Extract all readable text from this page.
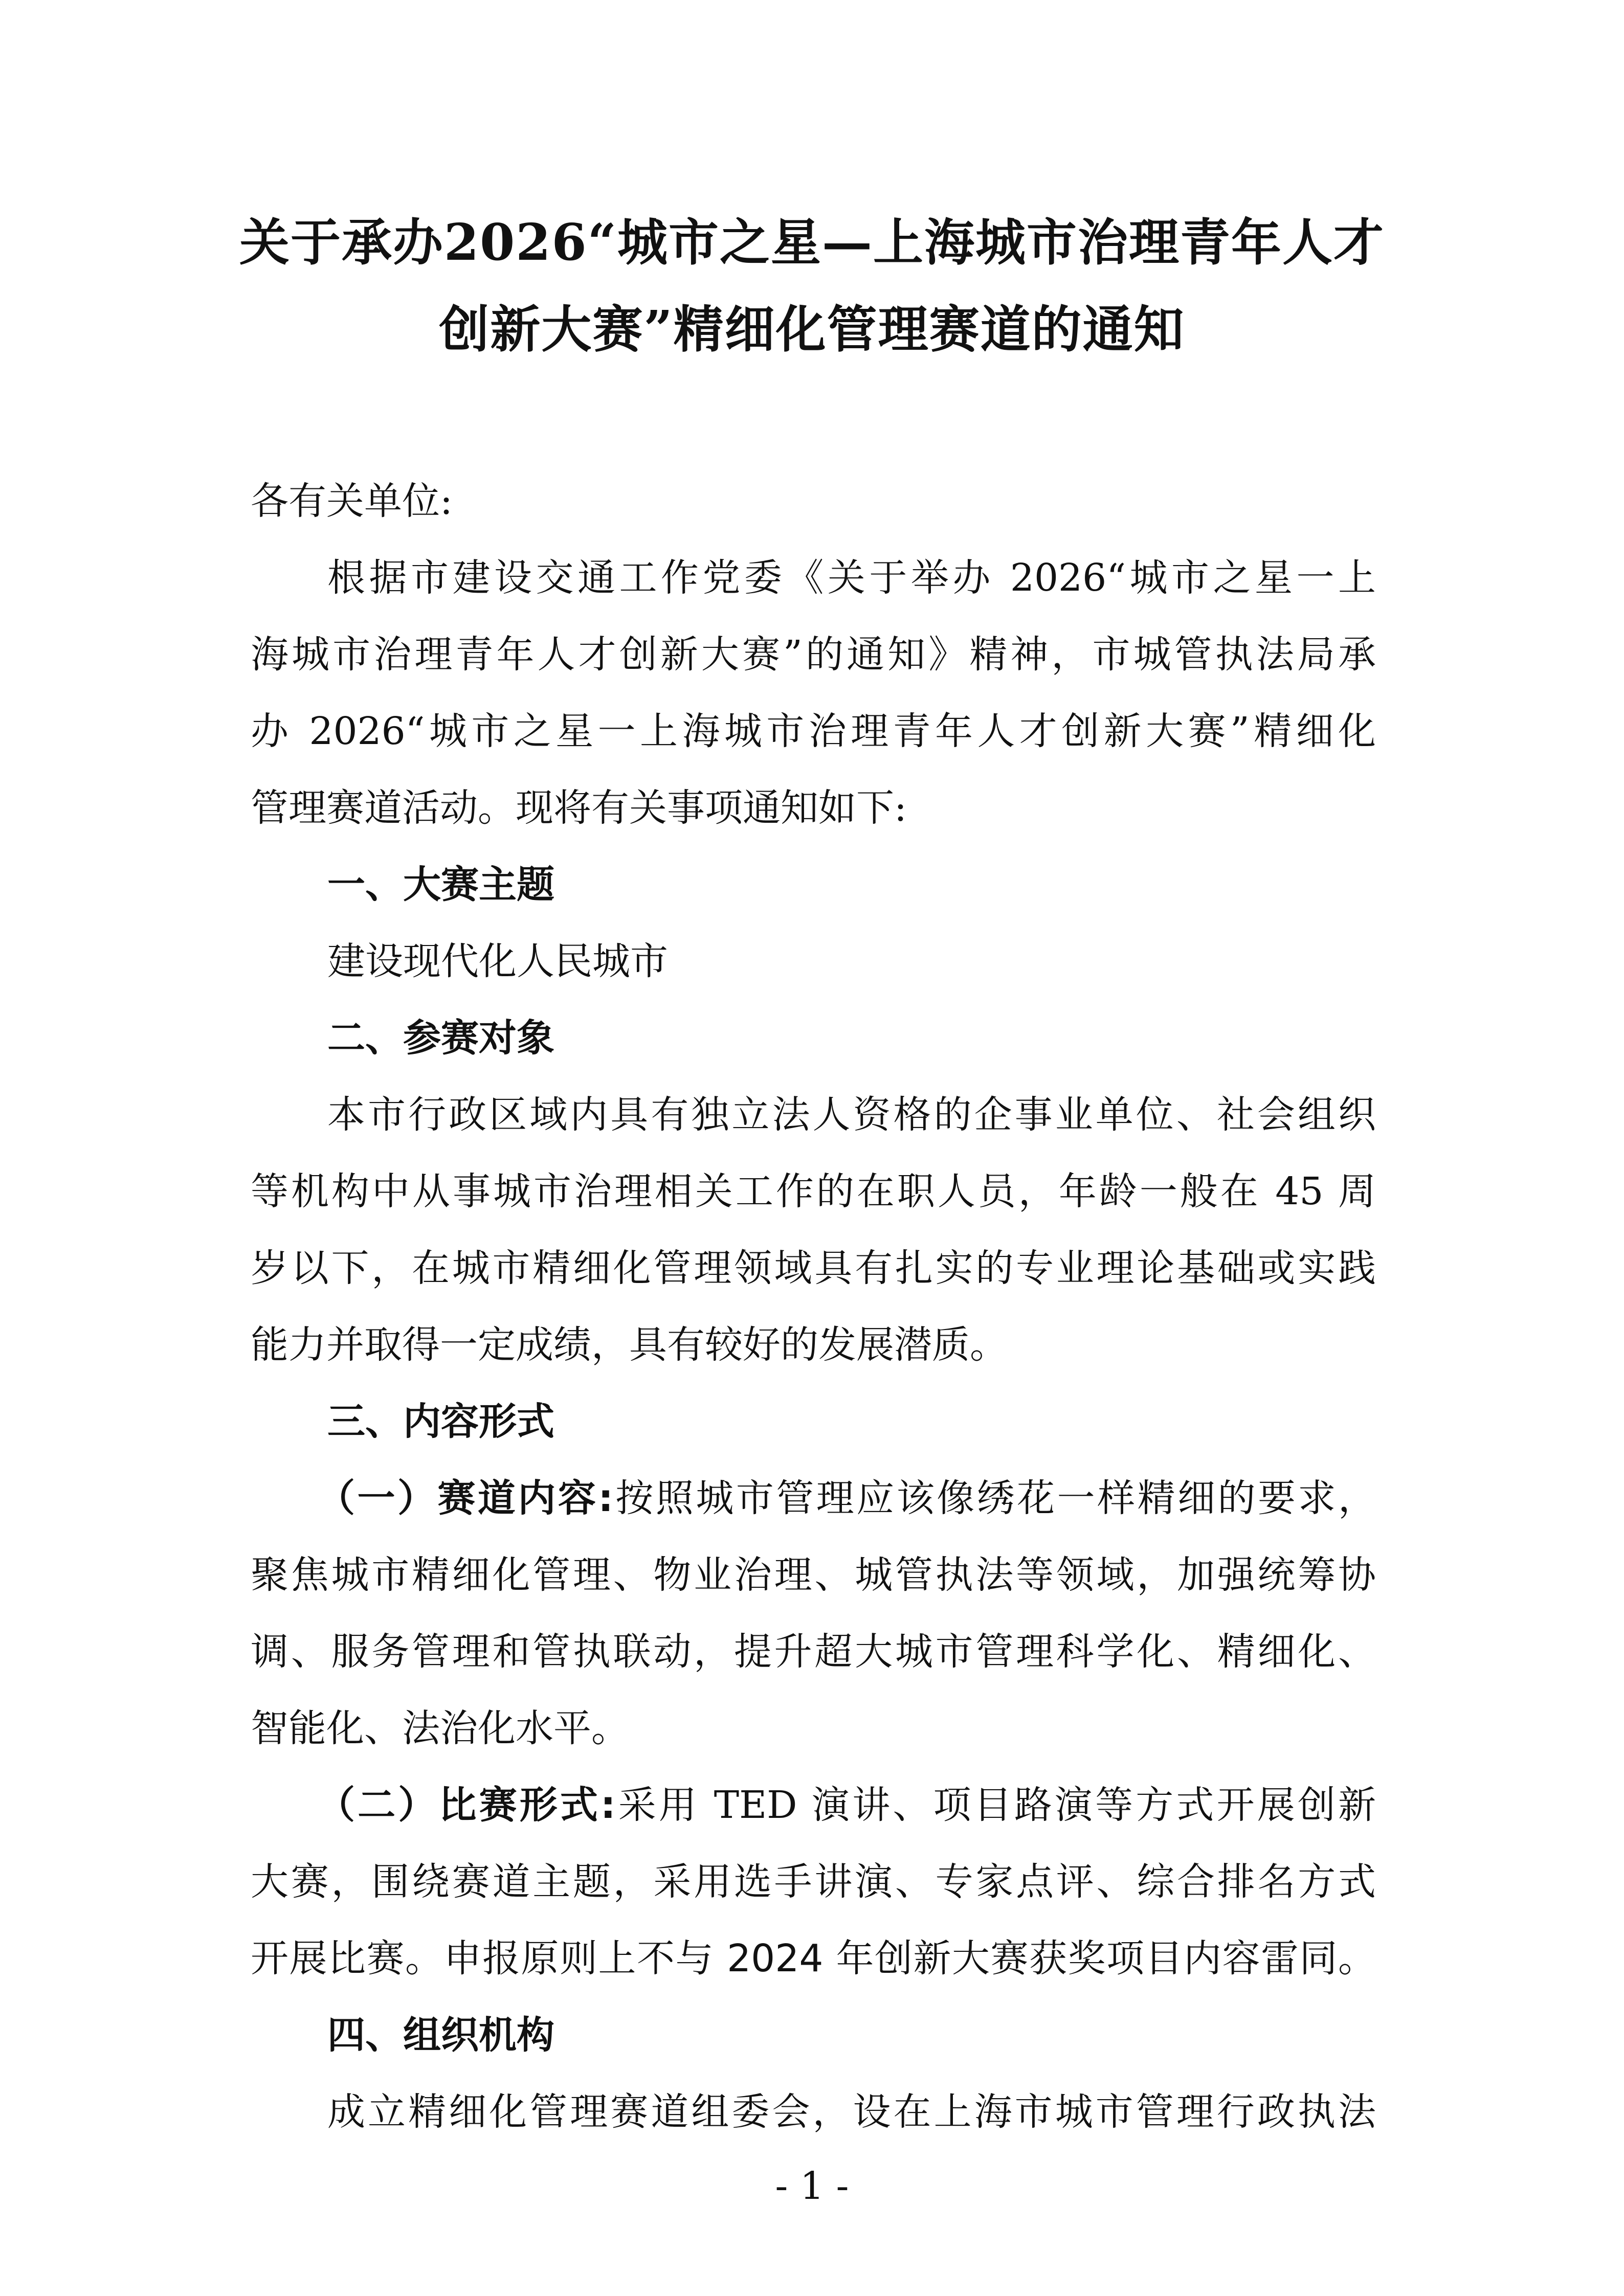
关于承办2026“城市之星—上海城市治理青年人才
创新大赛”精细化管理赛道的通知
各有关单位:
根据市建设交通工作党委《关于举办 2026“城市之星一上
海城市治理青年人才创新大赛”的通知》精神，市城管执法局承
办 2026“城市之星一上海城市治理青年人才创新大赛”精细化
管理赛道活动。现将有关事项通知如下:
一、大赛主题
建设现代化人民城市
二、参赛对象
本市行政区域内具有独立法人资格的企事业单位、社会组织
等机构中从事城市治理相关工作的在职人员，年龄一般在 45 周
岁以下，在城市精细化管理领域具有扎实的专业理论基础或实践
能力并取得一定成绩，具有较好的发展潜质。
三、内容形式
（一）赛道内容:按照城市管理应该像绣花一样精细的要求，
聚焦城市精细化管理、物业治理、城管执法等领域，加强统筹协
调、服务管理和管执联动，提升超大城市管理科学化、精细化、
智能化、法治化水平。
（二）比赛形式:采用 TED 演讲、项目路演等方式开展创新
大赛，围绕赛道主题，采用选手讲演、专家点评、综合排名方式
开展比赛。申报原则上不与 2024 年创新大赛获奖项目内容雷同。
四、组织机构
成立精细化管理赛道组委会，设在上海市城市管理行政执法
- 1 -
